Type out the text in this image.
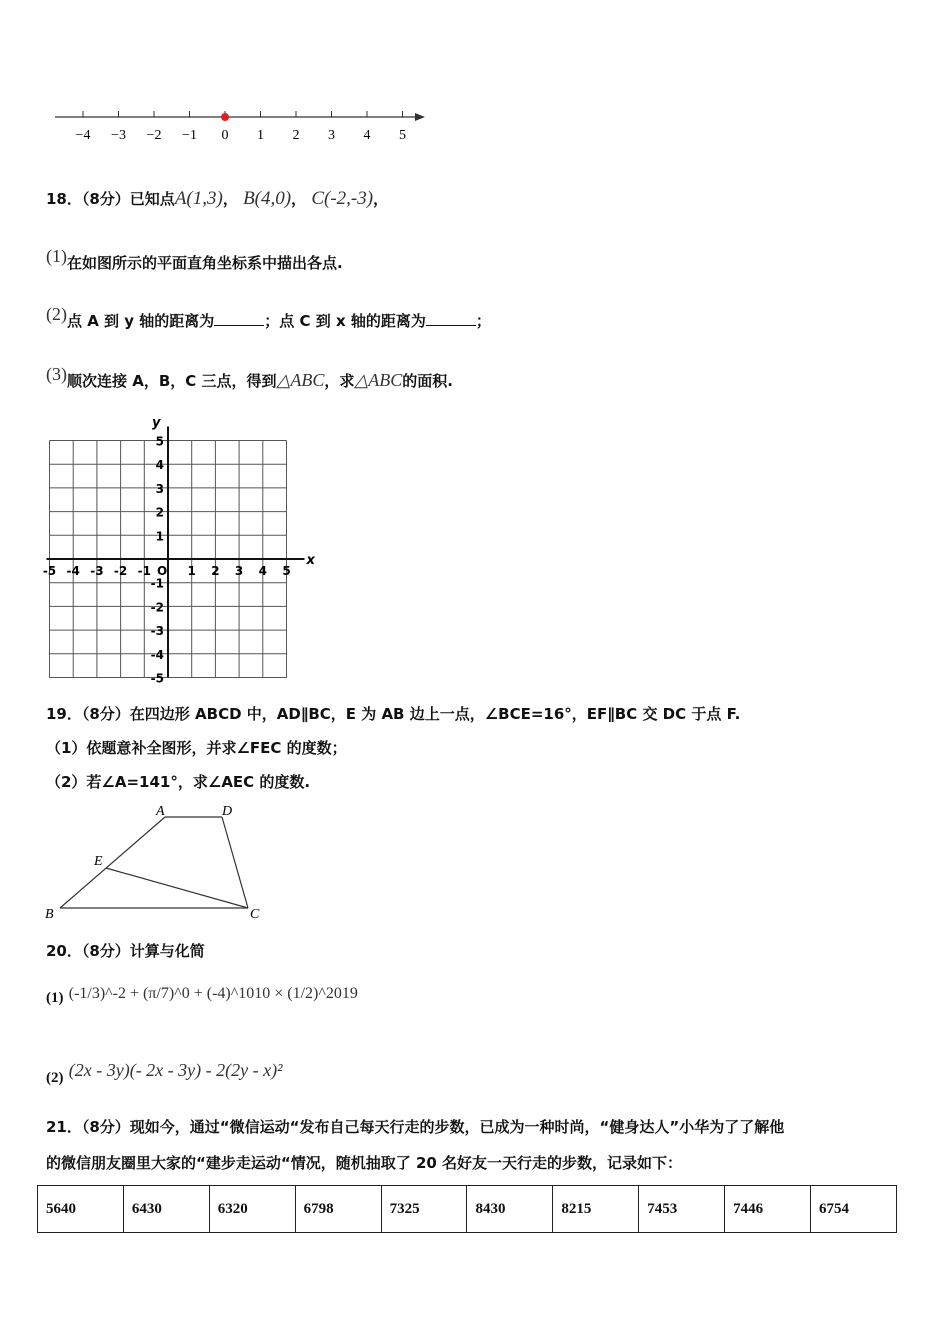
−4 −3 −2 −1 0 1 2 3 4 5
18．（8分）已知点A(1,3)， B(4,0)， C(-2,-3)，
(1)在如图所示的平面直角坐标系中描出各点.
(2)点 A 到 y 轴的距离为	；点 C 到 x 轴的距离为	；
(3)顺次连接 A，B，C 三点，得到△ABC，求△ABC的面积.
x
y
O
-5 -4 -3 -2 -1	1 2 3 4 5
5
4
3
2
1
-1
-2
-3
-4
-5
19．（8分）在四边形 ABCD 中，AD∥BC，E 为 AB 边上一点，∠BCE=16°，EF∥BC 交 DC 于点 F.
（1）依题意补全图形，并求∠FEC 的度数；
（2）若∠A=141°，求∠AEC 的度数.
A	D
E
B	C
20．（8分）计算与化简
(1) (-1/3)^-2 + (π/7)^0 + (-4)^1010 × (1/2)^2019
(2) (2x - 3y)(- 2x - 3y) - 2(2y - x)²
21．（8分）现如今，通过“微信运动“发布自己每天行走的步数，已成为一种时尚，“健身达人”小华为了了解他
的微信朋友圈里大家的“建步走运动“情况，随机抽取了 20 名好友一天行走的步数，记录如下：
5640	6430	6320	6798	7325	8430	8215	7453	7446	6754
